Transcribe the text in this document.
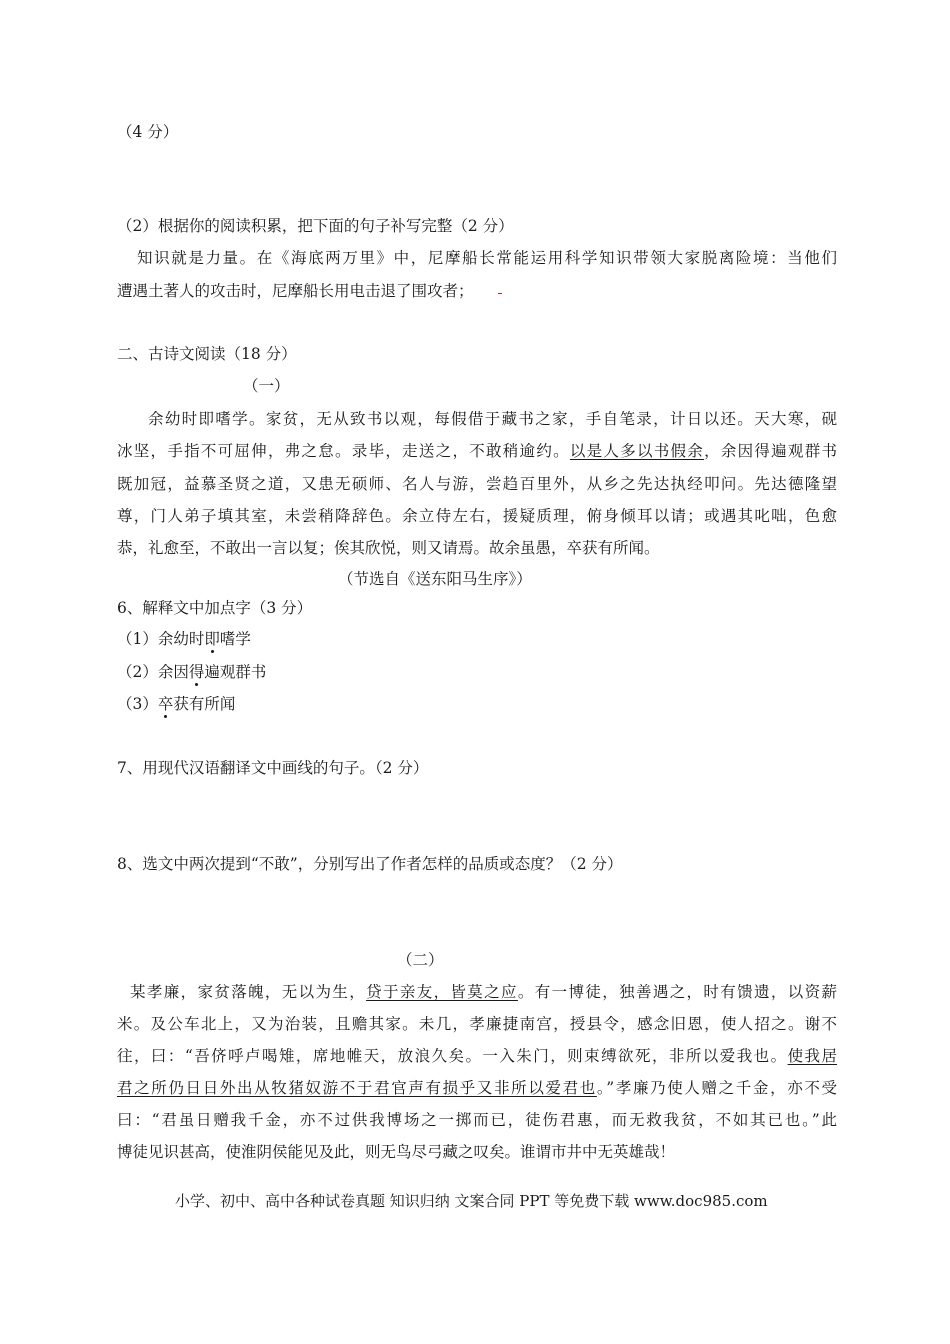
（4 分）
（2）根据你的阅读积累，把下面的句子补写完整（2 分）
知识就是力量。在《海底两万里》中，尼摩船长常能运用科学知识带领大家脱离险境：当他们
遭遇土著人的攻击时，尼摩船长用电击退了围攻者；
二、古诗文阅读（18 分）
（一）
余幼时即嗜学。家贫，无从致书以观，每假借于藏书之家，手自笔录，计日以还。天大寒，砚
冰坚，手指不可屈伸，弗之怠。录毕，走送之，不敢稍逾约。以是人多以书假余，余因得遍观群书
既加冠，益慕圣贤之道，又患无硕师、名人与游，尝趋百里外，从乡之先达执经叩问。先达德隆望
尊，门人弟子填其室，未尝稍降辞色。余立侍左右，援疑质理，俯身倾耳以请；或遇其叱咄，色愈
恭，礼愈至，不敢出一言以复；俟其欣悦，则又请焉。故余虽愚，卒获有所闻。
（节选自《送东阳马生序》）
6、解释文中加点字（3 分）
（1）余幼时即嗜学
（2）余因得遍观群书
（3）卒获有所闻
7、用现代汉语翻译文中画线的句子。（2 分）
8、选文中两次提到“不敢”，分别写出了作者怎样的品质或态度？（2 分）
（二）
某孝廉，家贫落魄，无以为生，贷于亲友，皆莫之应。有一博徒，独善遇之，时有馈遗，以资薪
米。及公车北上，又为治装，且赡其家。未几，孝廉捷南宫，授县令，感念旧恩，使人招之。谢不
往，曰：“吾侪呼卢喝雉，席地帷天，放浪久矣。一入朱门，则束缚欲死，非所以爱我也。使我居
君之所仍日日外出从牧猪奴游不于君官声有损乎又非所以爱君也。”孝廉乃使人赠之千金，亦不受
曰：“君虽日赠我千金，亦不过供我博场之一掷而已，徒伤君惠，而无救我贫，不如其已也。”此
博徒见识甚高，使淮阴侯能见及此，则无鸟尽弓藏之叹矣。谁谓市井中无英雄哉！
小学、初中、高中各种试卷真题 知识归纳 文案合同 PPT 等免费下载 www.doc985.com
